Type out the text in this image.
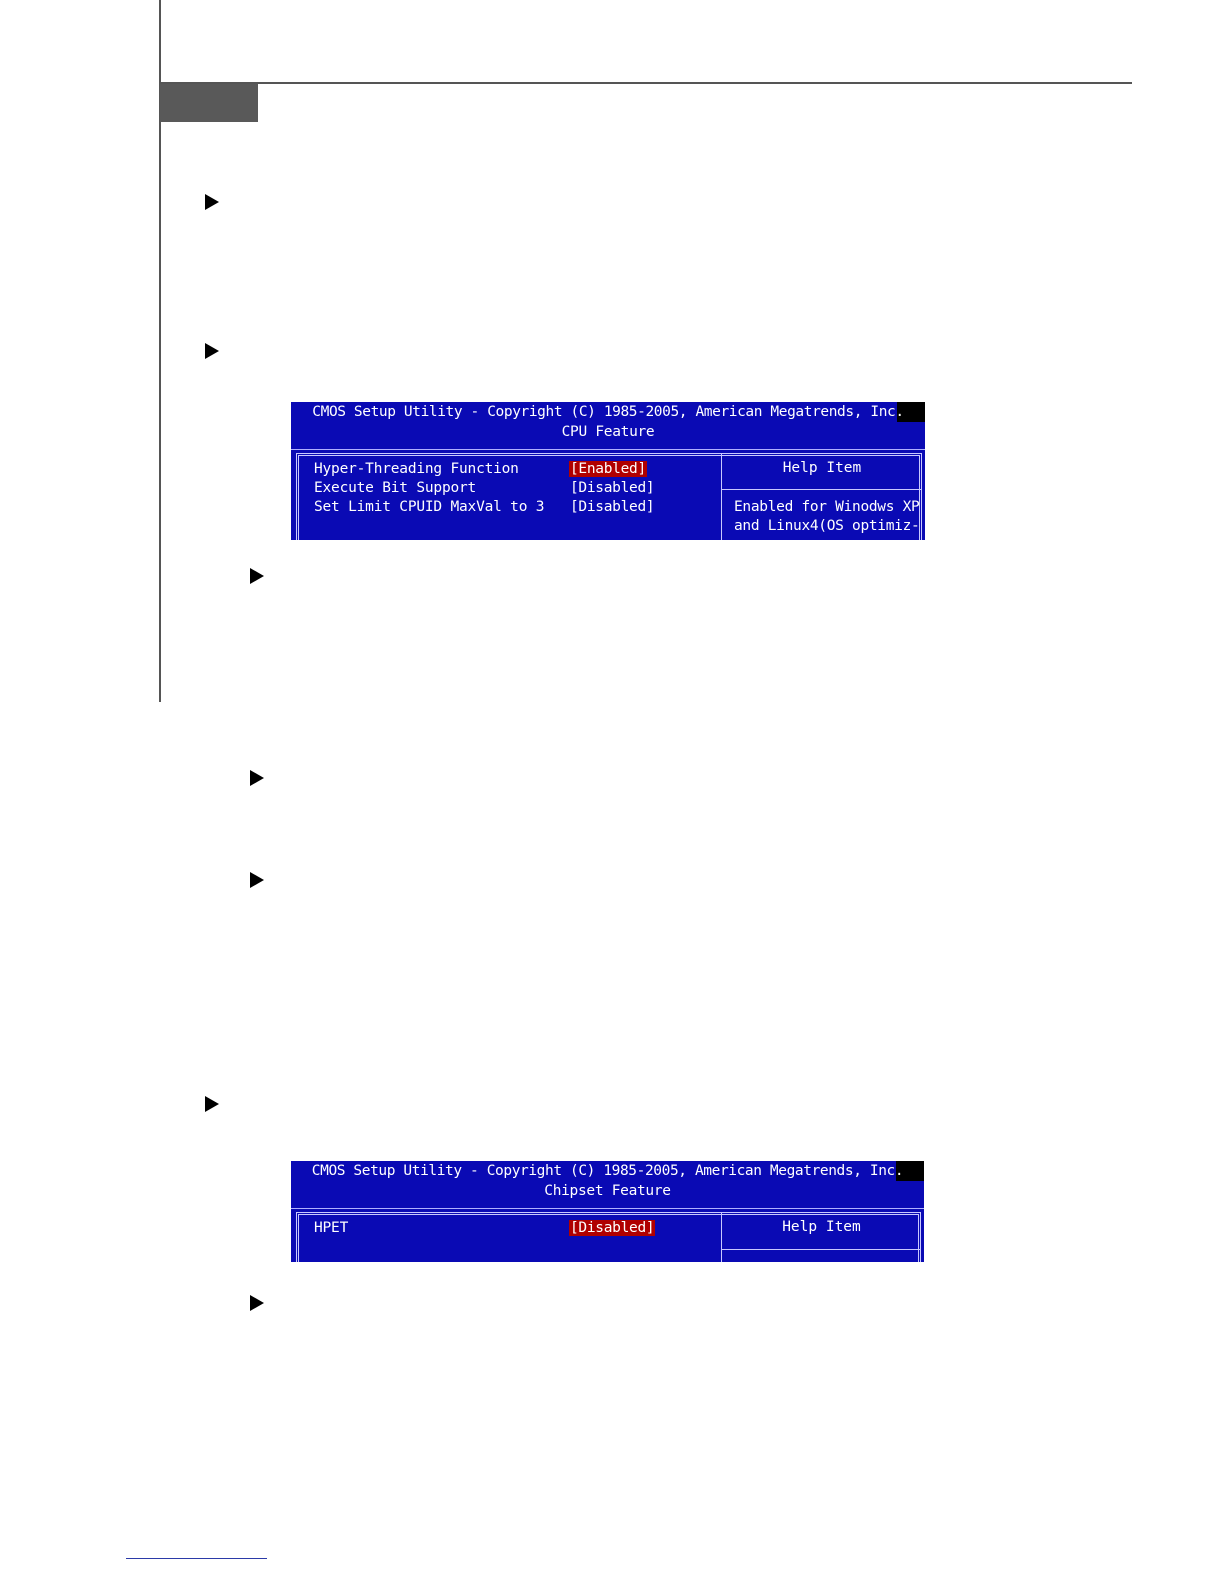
CMOS Setup Utility - Copyright (C) 1985-2005, American Megatrends, Inc.
CPU Feature
Help Item
Hyper-Threading Function	[Enabled]
Execute Bit Support	[Disabled]
Set Limit CPUID MaxVal to 3 [Disabled]	Enabled for Winodws XP
and Linux4(OS optimiz-
CMOS Setup Utility - Copyright (C) 1985-2005, American Megatrends, Inc.
Chipset Feature
Help Item
HPET	[Disabled]
